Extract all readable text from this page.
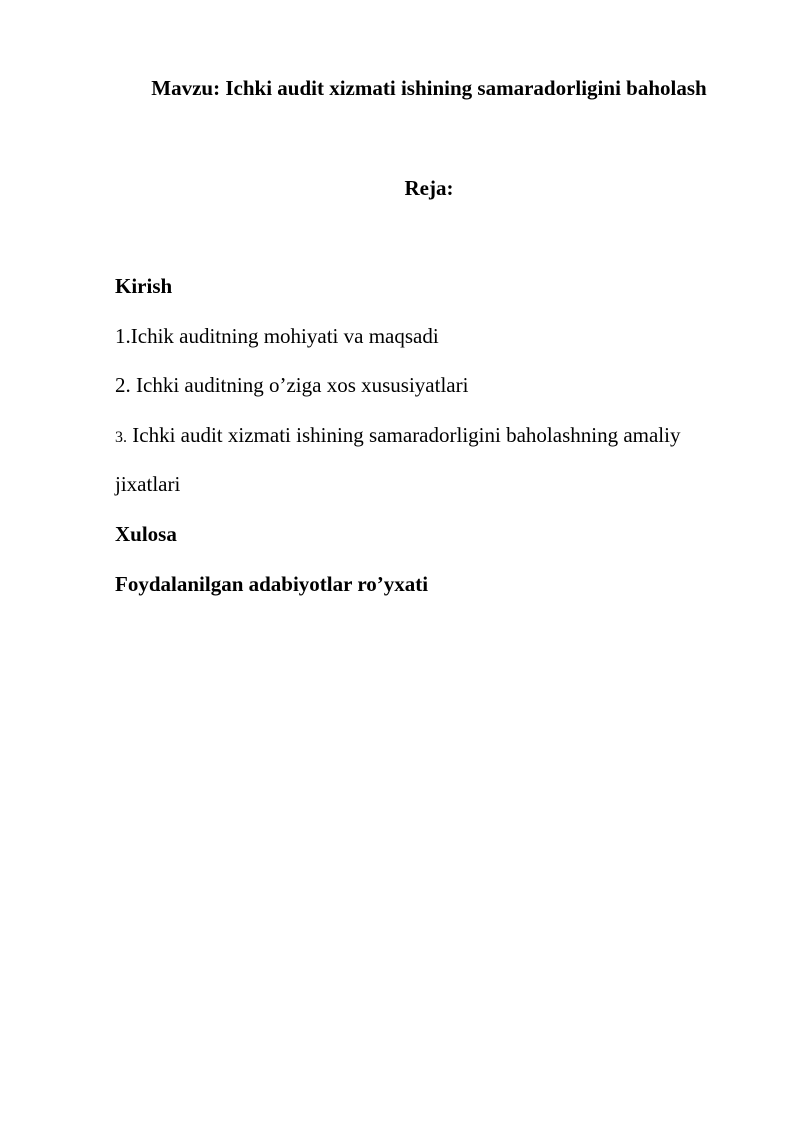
Mavzu: Ichki audit xizmati ishining samaradorligini baholash

Reja:

Kirish

1.Ichik auditning mohiyati va maqsadi

2. Ichki auditning o’ziga xos xususiyatlari

3. Ichki audit xizmati ishining samaradorligini baholashning amaliy

jixatlari

Xulosa

Foydalanilgan adabiyotlar ro’yxati
